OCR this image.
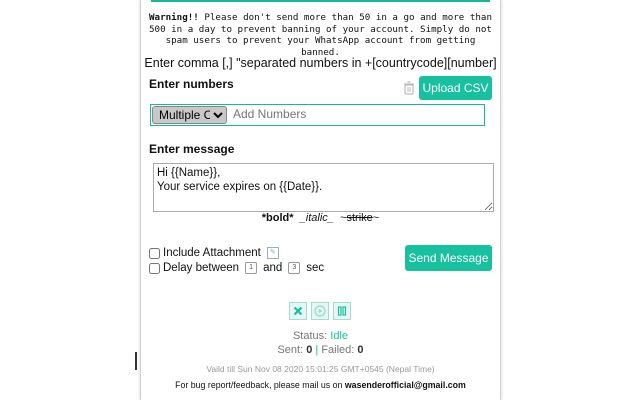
Warning!! Please don't send more than 50 in a go and more than 500 in a day to prevent banning of your account. Simply do not spam users to prevent your WhatsApp account from getting banned.
Enter comma [,] "separated numbers in +[countrycode][number]
Enter numbers	Upload CSV
Multiple Contacts
Add Numbers
Enter message
Hi {{Name}}, Your service expires on {{Date}}.
*bold* _italic_ ~strike~
Include Attachment	✎
Delay between	1 and	3 sec
Send Message
Status: Idle
Sent: 0 | Failed: 0
Vaild till Sun Nov 08 2020 15:01:25 GMT+0545 (Nepal Time)
For bug report/feedback, please mail us on wasenderofficial@gmail.com
